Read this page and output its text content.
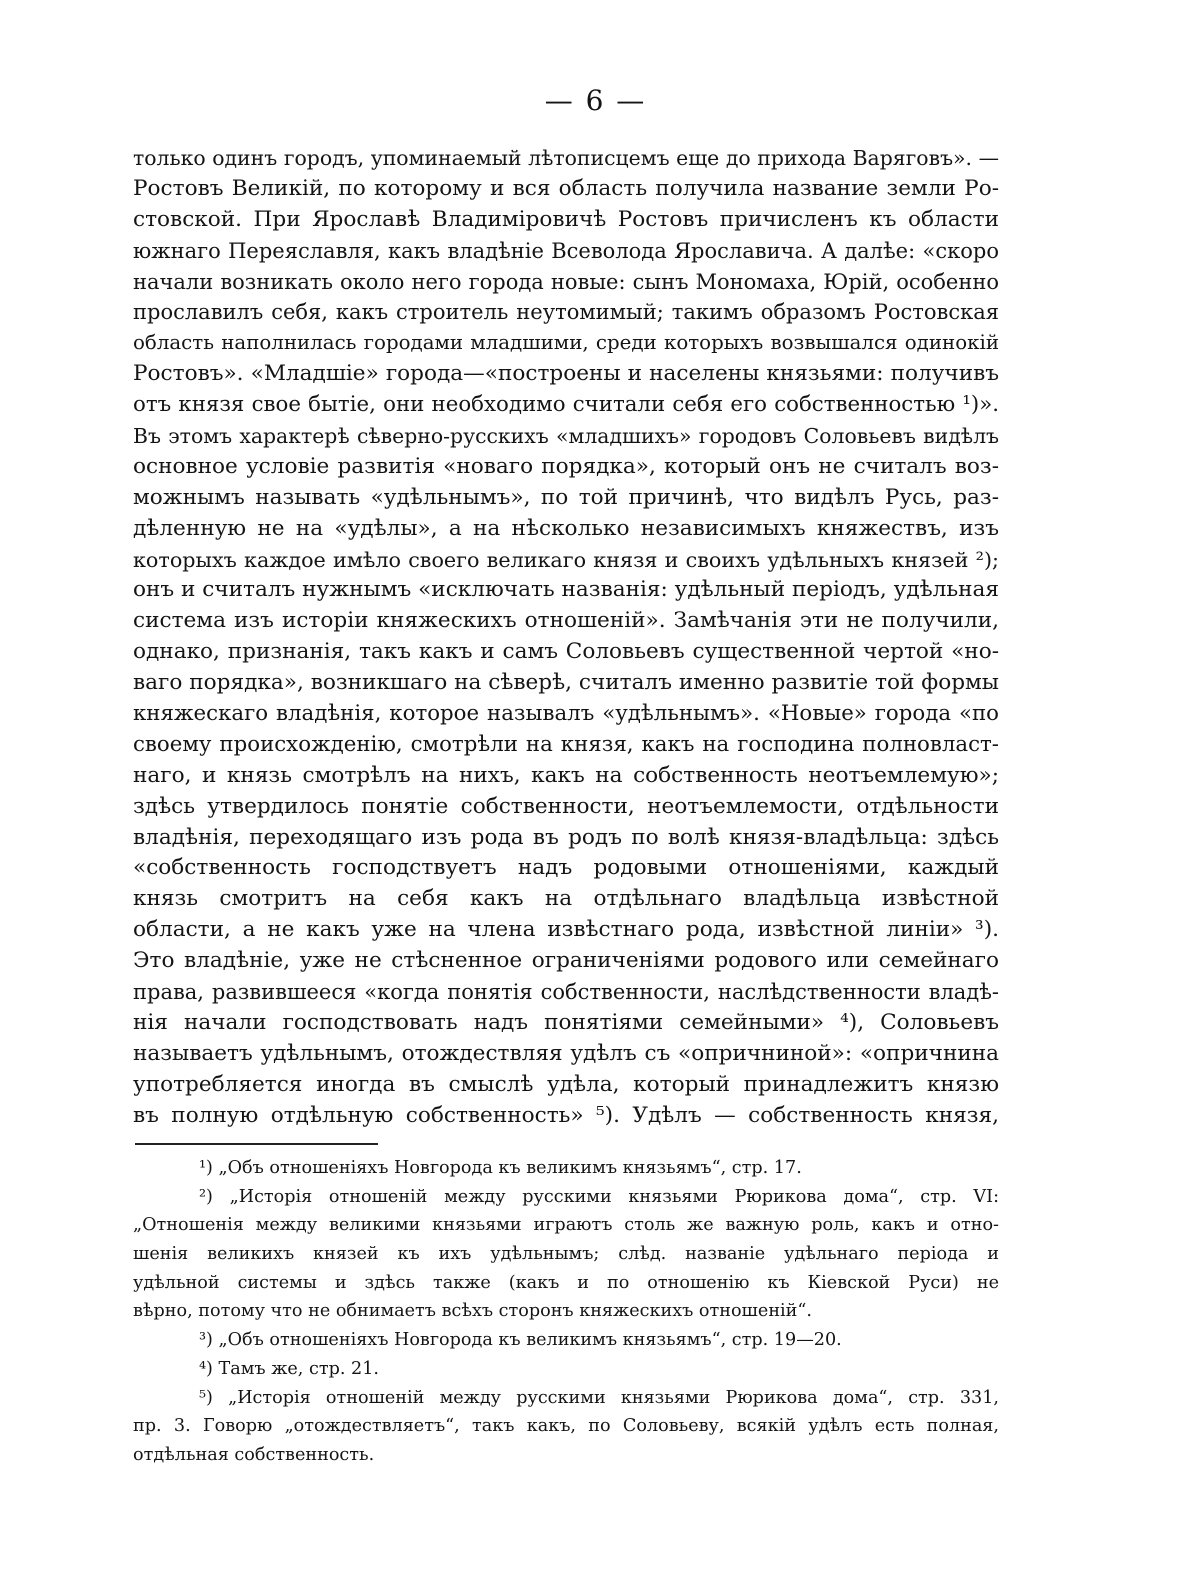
— 6 —
только одинъ городъ, упоминаемый лѣтописцемъ еще до прихода Варяговъ». —
Ростовъ Великій, по которому и вся область получила название земли Ро-
стовской. При Ярославѣ Владиміровичѣ Ростовъ причисленъ къ области
южнаго Переяславля, какъ владѣніе Всеволода Ярославича. А далѣе: «скоро
начали возникать около него города новые: сынъ Мономаха, Юрій, особенно
прославилъ себя, какъ строитель неутомимый; такимъ образомъ Ростовская
область наполнилась городами младшими, среди которыхъ возвышался одинокій
Ростовъ». «Младшіе» города—«построены и населены князьями: получивъ
отъ князя свое бытіе, они необходимо считали себя его собственностью ¹)».
Въ этомъ характерѣ сѣверно-русскихъ «младшихъ» городовъ Соловьевъ видѣлъ
основное условіе развитія «новаго порядка», который онъ не считалъ воз-
можнымъ называть «удѣльнымъ», по той причинѣ, что видѣлъ Русь, раз-
дѣленную не на «удѣлы», а на нѣсколько независимыхъ княжествъ, изъ
которыхъ каждое имѣло своего великаго князя и своихъ удѣльныхъ князей ²);
онъ и считалъ нужнымъ «исключать названія: удѣльный періодъ, удѣльная
система изъ исторіи княжескихъ отношеній». Замѣчанія эти не получили,
однако, признанія, такъ какъ и самъ Соловьевъ существенной чертой «но-
ваго порядка», возникшаго на сѣверѣ, считалъ именно развитіе той формы
княжескаго владѣнія, которое называлъ «удѣльнымъ». «Новые» города «по
своему происхожденію, смотрѣли на князя, какъ на господина полновласт-
наго, и князь смотрѣлъ на нихъ, какъ на собственность неотъемлемую»;
здѣсь утвердилось понятіе собственности, неотъемлемости, отдѣльности
владѣнія, переходящаго изъ рода въ родъ по волѣ князя-владѣльца: здѣсь
«собственность господствуетъ надъ родовыми отношеніями, каждый
князь смотритъ на себя какъ на отдѣльнаго владѣльца извѣстной
области, а не какъ уже на члена извѣстнаго рода, извѣстной линіи» ³).
Это владѣніе, уже не стѣсненное ограниченіями родового или семейнаго
права, развившееся «когда понятія собственности, наслѣдственности владѣ-
нія начали господствовать надъ понятіями семейными» ⁴), Соловьевъ
называетъ удѣльнымъ, отождествляя удѣлъ съ «опричниной»: «опричнина
употребляется иногда въ смыслѣ удѣла, который принадлежитъ князю
въ полную отдѣльную собственность» ⁵). Удѣлъ — собственность князя,
¹) „Объ отношеніяхъ Новгорода къ великимъ князьямъ“, стр. 17.
²) „Исторія отношеній между русскими князьями Рюрикова дома“, стр. VI:
„Отношенія между великими князьями играютъ столь же важную роль, какъ и отно-
шенія великихъ князей къ ихъ удѣльнымъ; слѣд. названіе удѣльнаго періода и
удѣльной системы и здѣсь также (какъ и по отношенію къ Кіевской Руси) не
вѣрно, потому что не обнимаетъ всѣхъ сторонъ княжескихъ отношеній“.
³) „Объ отношеніяхъ Новгорода къ великимъ князьямъ“, стр. 19—20.
⁴) Тамъ же, стр. 21.
⁵) „Исторія отношеній между русскими князьями Рюрикова дома“, стр. 331,
пр. 3. Говорю „отождествляетъ“, такъ какъ, по Соловьеву, всякій удѣлъ есть полная,
отдѣльная собственность.
